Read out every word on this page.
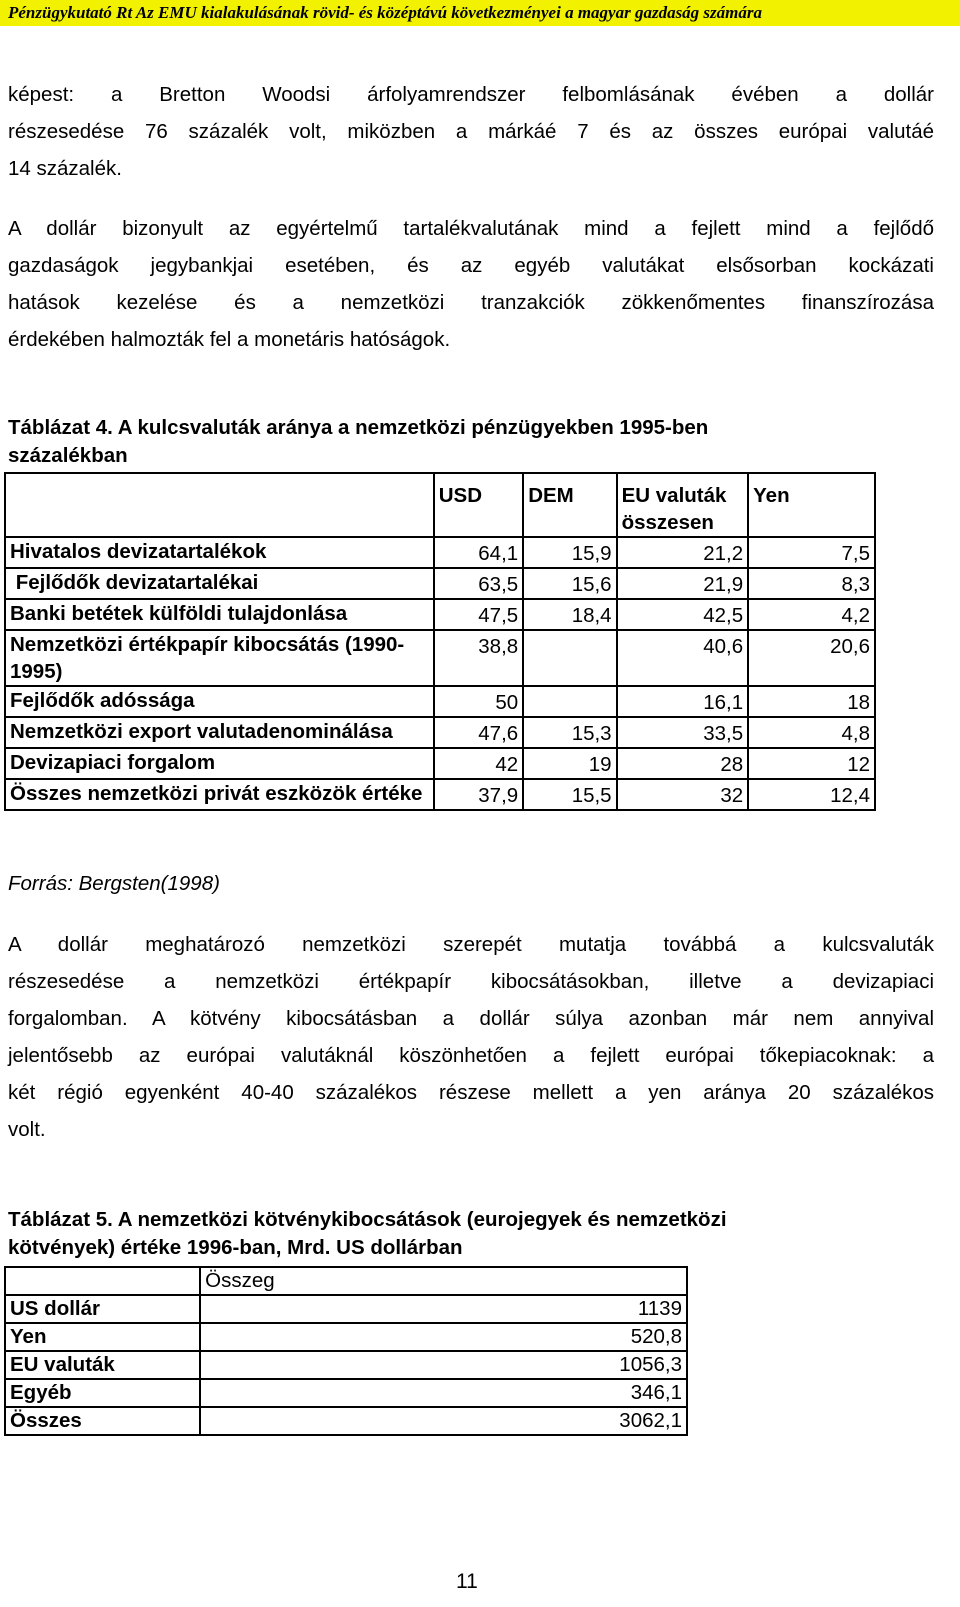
Pénzügykutató Rt Az EMU kialakulásának rövid- és középtávú következményei a magyar gazdaság számára

képest: a Bretton Woodsi árfolyamrendszer felbomlásának évében a dollár
részesedése 76 százalék volt, miközben a márkáé 7 és az összes európai valutáé
14 százalék.

A dollár bizonyult az egyértelmű tartalékvalutának mind a fejlett mind a fejlődő
gazdaságok jegybankjai esetében, és az egyéb valutákat elsősorban kockázati
hatások kezelése és a nemzetközi tranzakciók zökkenőmentes finanszírozása
érdekében halmozták fel a monetáris hatóságok.

Táblázat 4. A kulcsvaluták aránya a nemzetközi pénzügyekben 1995-ben
százalékban

	USD	DEM	EU valuták összesen	Yen

Hivatalos devizatartalékok	64,1	15,9	21,2	7,5
Fejlődők devizatartalékai	63,5	15,6	21,9	8,3
Banki betétek külföldi tulajdonlása	47,5	18,4	42,5	4,2
Nemzetközi értékpapír kibocsátás (1990-1995)	38,8		40,6	20,6
Fejlődők adóssága	50		16,1	18
Nemzetközi export valutadenominálása	47,6	15,3	33,5	4,8
Devizapiaci forgalom	42	19	28	12
Összes nemzetközi privát eszközök értéke	37,9	15,5	32	12,4

Forrás: Bergsten(1998)

A dollár meghatározó nemzetközi szerepét mutatja továbbá a kulcsvaluták
részesedése a nemzetközi értékpapír kibocsátásokban, illetve a devizapiaci
forgalomban. A kötvény kibocsátásban a dollár súlya azonban már nem annyival
jelentősebb az európai valutáknál köszönhetően a fejlett európai tőkepiacoknak: a
két régió egyenként 40-40 százalékos részese mellett a yen aránya 20 százalékos
volt.

Táblázat 5. A nemzetközi kötvénykibocsátások (eurojegyek és nemzetközi
kötvények) értéke 1996-ban, Mrd. US dollárban

	Összeg
US dollár	1139
Yen	520,8
EU valuták	1056,3
Egyéb	346,1
Összes	3062,1

11
